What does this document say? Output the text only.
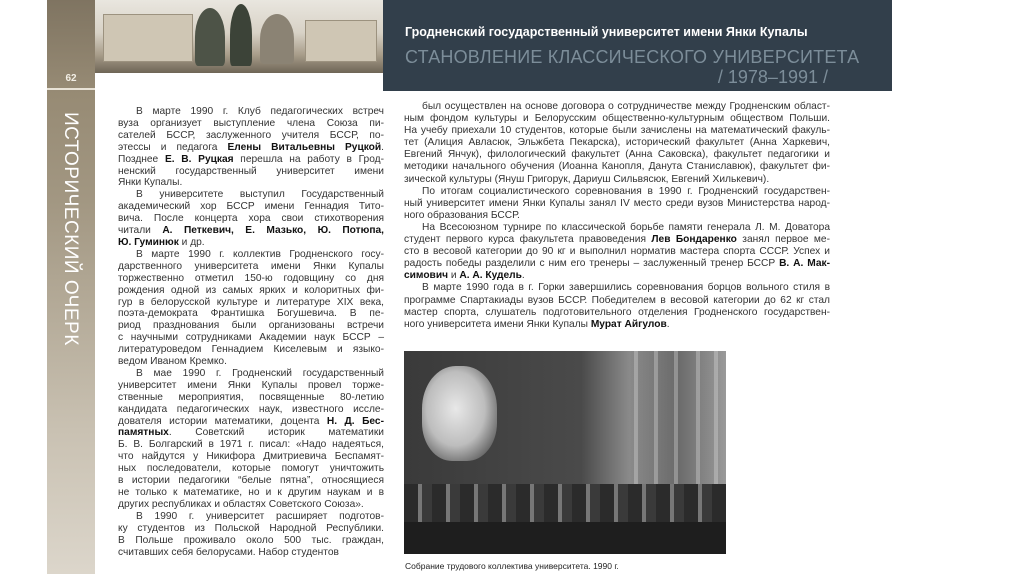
62
ИСТОРИЧЕСКИЙ ОЧЕРК
Гродненский государственный университет имени Янки Купалы
СТАНОВЛЕНИЕ КЛАССИЧЕСКОГО УНИВЕРСИТЕТА
/ 1978–1991 /
В марте 1990 г. Клуб педагогических встреч
вуза организует выступление члена Союза пи-
сателей БССР, заслуженного учителя БССР, по-
этессы и педагога Елены Витальевны Руцкой.
Позднее Е. В. Руцкая перешла на работу в Грод-
ненский государственный университет имени
Янки Купалы.
В университете выступил Государственный
академический хор БССР имени Геннадия Тито-
вича. После концерта хора свои стихотворения
читали А. Петкевич, Е. Мазько, Ю. Потюпа,
Ю. Гуминюк и др.
В марте 1990 г. коллектив Гродненского госу-
дарственного университета имени Янки Купалы
торжественно отметил 150-ю годовщину со дня
рождения одной из самых ярких и колоритных фи-
гур в белорусской культуре и литературе XIX века,
поэта-демократа Франтишка Богушевича. В пе-
риод празднования были организованы встречи
с научными сотрудниками Академии наук БССР –
литературоведом Геннадием Киселевым и языко-
ведом Иваном Кремко.
В мае 1990 г. Гродненский государственный
университет имени Янки Купалы провел торже-
ственные мероприятия, посвященные 80-летию
кандидата педагогических наук, известного иссле-
дователя истории математики, доцента Н. Д. Бес-
памятных. Советский историк математики
Б. В. Болгарский в 1971 г. писал: «Надо надеяться,
что найдутся у Никифора Дмитриевича Беспамят-
ных последователи, которые помогут уничтожить
в истории педагогики “белые пятна”, относящиеся
не только к математике, но и к другим наукам и в
других республиках и областях Советского Союза».
В 1990 г. университет расширяет подготов-
ку студентов из Польской Народной Республики.
В Польше проживало около 500 тыс. граждан,
считавших себя белорусами. Набор студентов
был осуществлен на основе договора о сотрудничестве между Гродненским област-
ным фондом культуры и Белорусским общественно-культурным обществом Польши.
На учебу приехали 10 студентов, которые были зачислены на математический факуль-
тет (Алиция Авласюк, Эльжбета Пекарска), исторический факультет (Анна Харкевич,
Евгений Янчук), филологический факультет (Анна Саковска), факультет педагогики и
методики начального обучения (Иоанна Канопля, Данута Станиславюк), факультет фи-
зической культуры (Януш Григорук, Дариуш Сильвясюк, Евгений Хилькевич).
По итогам социалистического соревнования в 1990 г. Гродненский государствен-
ный университет имени Янки Купалы занял IV место среди вузов Министерства народ-
ного образования БССР.
На Всесоюзном турнире по классической борьбе памяти генерала Л. М. Доватора
студент первого курса факультета правоведения Лев Бондаренко занял первое ме-
сто в весовой категории до 90 кг и выполнил норматив мастера спорта СССР. Успех и
радость победы разделили с ним его тренеры – заслуженный тренер БССР В. А. Мак-
симович и А. А. Кудель.
В марте 1990 года в г. Горки завершились соревнования борцов вольного стиля в
программе Спартакиады вузов БССР. Победителем в весовой категории до 62 кг стал
мастер спорта, слушатель подготовительного отделения Гродненского государствен-
ного университета имени Янки Купалы Мурат Айгулов.
Собрание трудового коллектива университета. 1990 г.
